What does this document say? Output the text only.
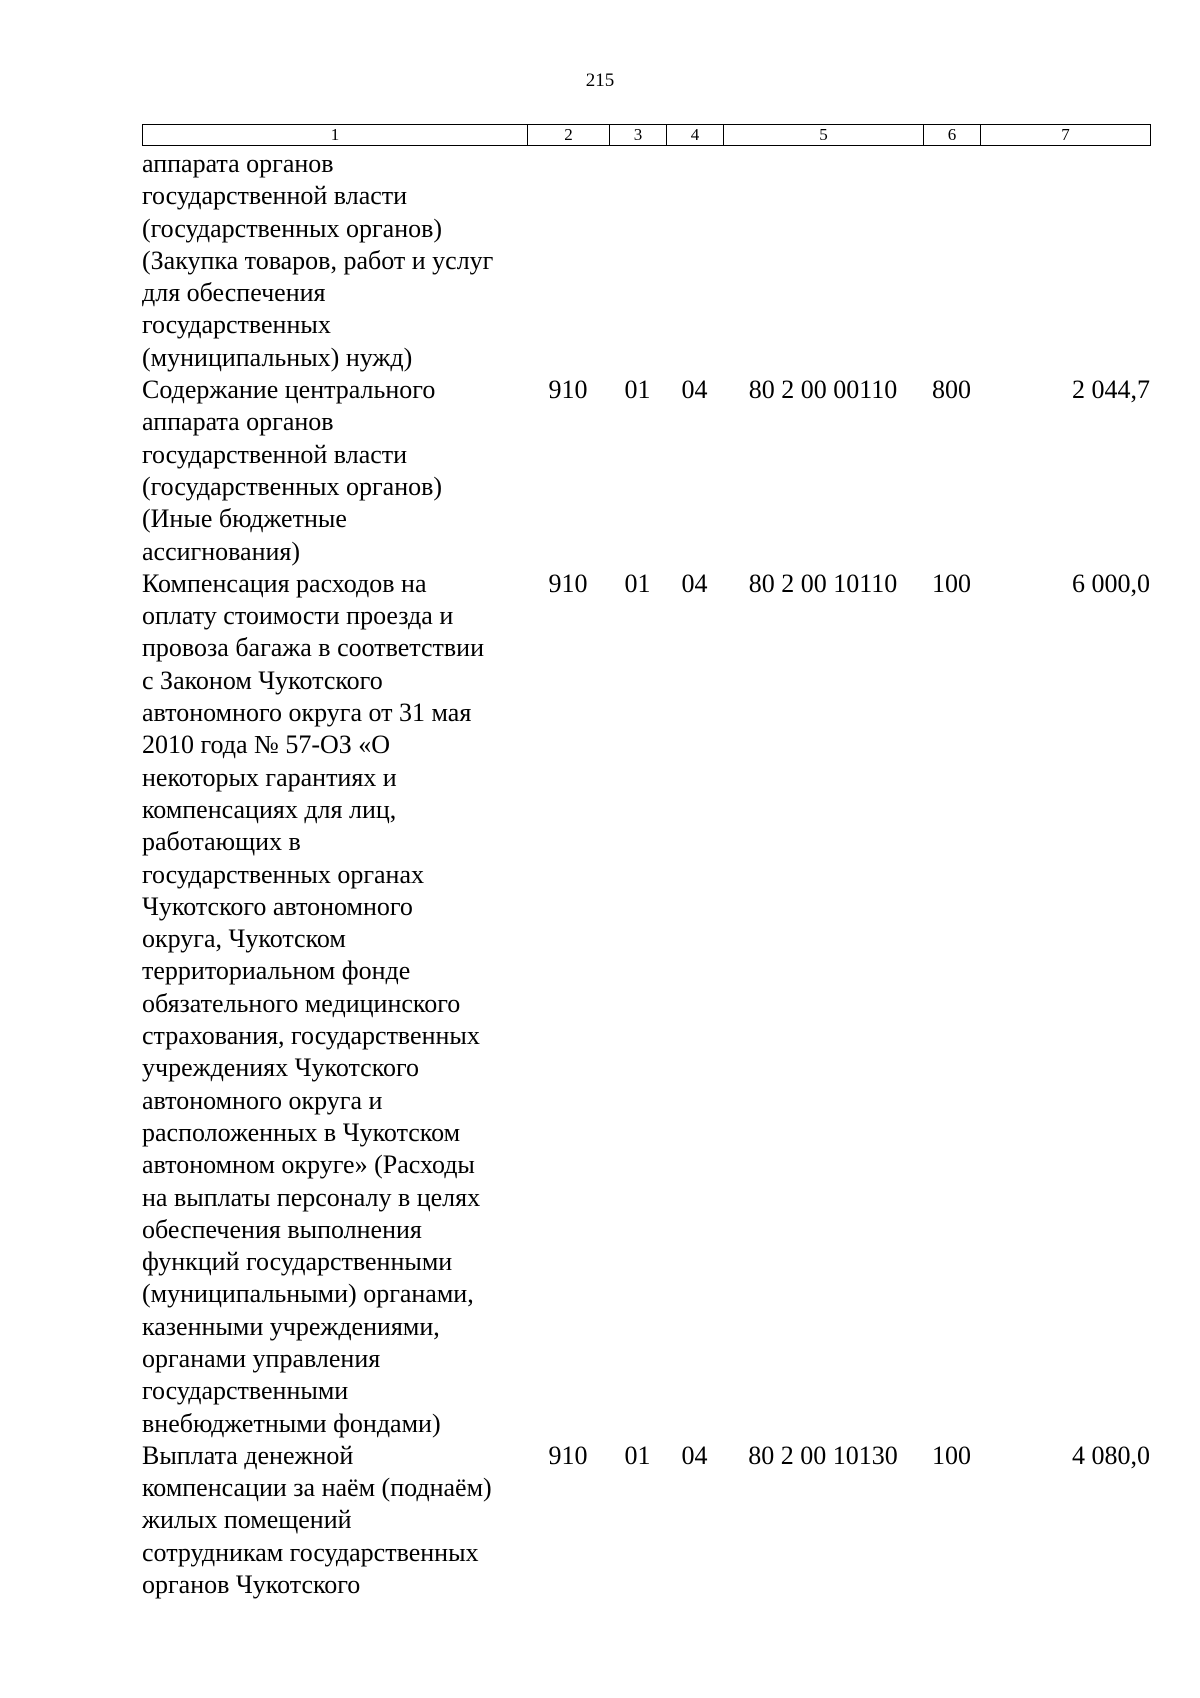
215
1	2	3	4	5	6	7
аппарата органов
государственной власти
(государственных органов)
(Закупка товаров, работ и услуг
для обеспечения
государственных
(муниципальных) нужд)
Содержание центрального
аппарата органов
государственной власти
(государственных органов)
(Иные бюджетные
ассигнования)
910	01	04	80 2 00 00110	800	2 044,7
Компенсация расходов на
оплату стоимости проезда и
провоза багажа в соответствии
с Законом Чукотского
автономного округа от 31 мая
2010 года № 57-ОЗ «О
некоторых гарантиях и
компенсациях для лиц,
работающих в
государственных органах
Чукотского автономного
округа, Чукотском
территориальном фонде
обязательного медицинского
страхования, государственных
учреждениях Чукотского
автономного округа и
расположенных в Чукотском
автономном округе» (Расходы
на выплаты персоналу в целях
обеспечения выполнения
функций государственными
(муниципальными) органами,
казенными учреждениями,
органами управления
государственными
внебюджетными фондами)
910	01	04	80 2 00 10110	100	6 000,0
Выплата денежной
компенсации за наём (поднаём)
жилых помещений
сотрудникам государственных
органов Чукотского
910	01	04	80 2 00 10130	100	4 080,0
